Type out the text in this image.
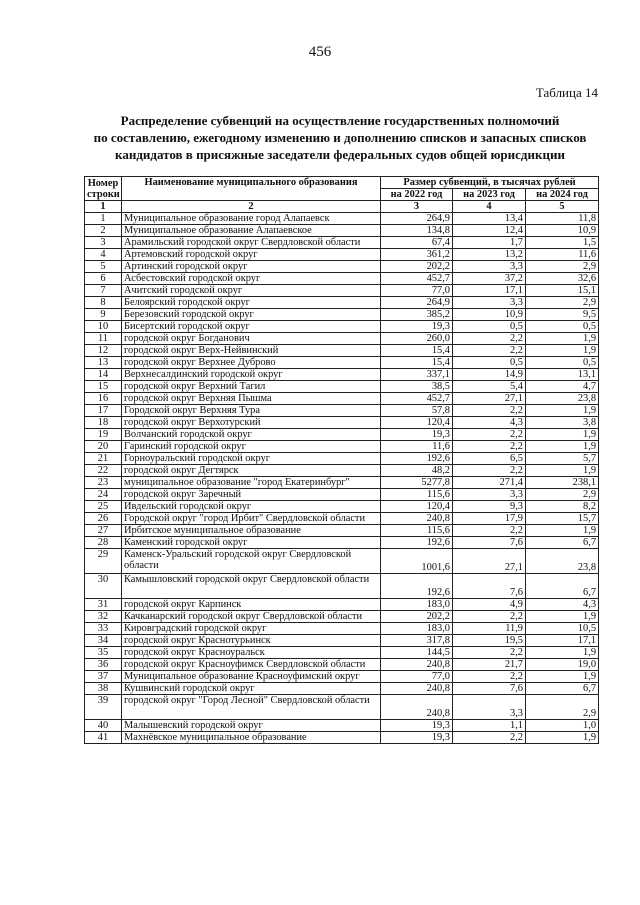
456
Таблица 14
Распределение субвенций на осуществление государственных полномочий
по составлению, ежегодному изменению и дополнению списков и запасных списков
кандидатов в присяжные заседатели федеральных судов общей юрисдикции
Номер
строки	Наименование муниципального образования	Размер субвенций, в тысячах рублей		
		на 2022 год	на 2023 год	на 2024 год
1	2	3	4	5
1	Муниципальное образование город Алапаевск	264,9	13,4	11,8
2	Муниципальное образование Алапаевское	134,8	12,4	10,9
3	Арамильский городской округ Свердловской области	67,4	1,7	1,5
4	Артемовский городской округ	361,2	13,2	11,6
5	Артинский городской округ	202,2	3,3	2,9
6	Асбестовский городской округ	452,7	37,2	32,6
7	Ачитский городской округ	77,0	17,1	15,1
8	Белоярский городской округ	264,9	3,3	2,9
9	Березовский городской округ	385,2	10,9	9,5
10	Бисертский городской округ	19,3	0,5	0,5
11	городской округ Богданович	260,0	2,2	1,9
12	городской округ Верх-Нейвинский	15,4	2,2	1,9
13	городской округ Верхнее Дуброво	15,4	0,5	0,5
14	Верхнесалдинский городской округ	337,1	14,9	13,1
15	городской округ Верхний Тагил	38,5	5,4	4,7
16	городской округ Верхняя Пышма	452,7	27,1	23,8
17	Городской округ Верхняя Тура	57,8	2,2	1,9
18	городской округ Верхотурский	120,4	4,3	3,8
19	Волчанский городской округ	19,3	2,2	1,9
20	Гаринский городской округ	11,6	2,2	1,9
21	Горноуральский городской округ	192,6	6,5	5,7
22	городской округ Дегтярск	48,2	2,2	1,9
23	муниципальное образование "город Екатеринбург"	5277,8	271,4	238,1
24	городской округ Заречный	115,6	3,3	2,9
25	Ивдельский городской округ	120,4	9,3	8,2
26	Городской округ "город Ирбит" Свердловской области	240,8	17,9	15,7
27	Ирбитское муниципальное образование	115,6	2,2	1,9
28	Каменский городской округ	192,6	7,6	6,7
29	Каменск-Уральский городской округ Свердловской области	1001,6	27,1	23,8
30	Камышловский городской округ Свердловской области	192,6	7,6	6,7
31	городской округ Карпинск	183,0	4,9	4,3
32	Качканарский городской округ Свердловской области	202,2	2,2	1,9
33	Кировградский городской округ	183,0	11,9	10,5
34	городской округ Краснотурьинск	317,8	19,5	17,1
35	городской округ Красноуральск	144,5	2,2	1,9
36	городской округ Красноуфимск Свердловской области	240,8	21,7	19,0
37	Муниципальное образование Красноуфимский округ	77,0	2,2	1,9
38	Кушвинский городской округ	240,8	7,6	6,7
39	городской округ "Город Лесной" Свердловской области	240,8	3,3	2,9
40	Малышевский городской округ	19,3	1,1	1,0
41	Махнёвское муниципальное образование	19,3	2,2	1,9
